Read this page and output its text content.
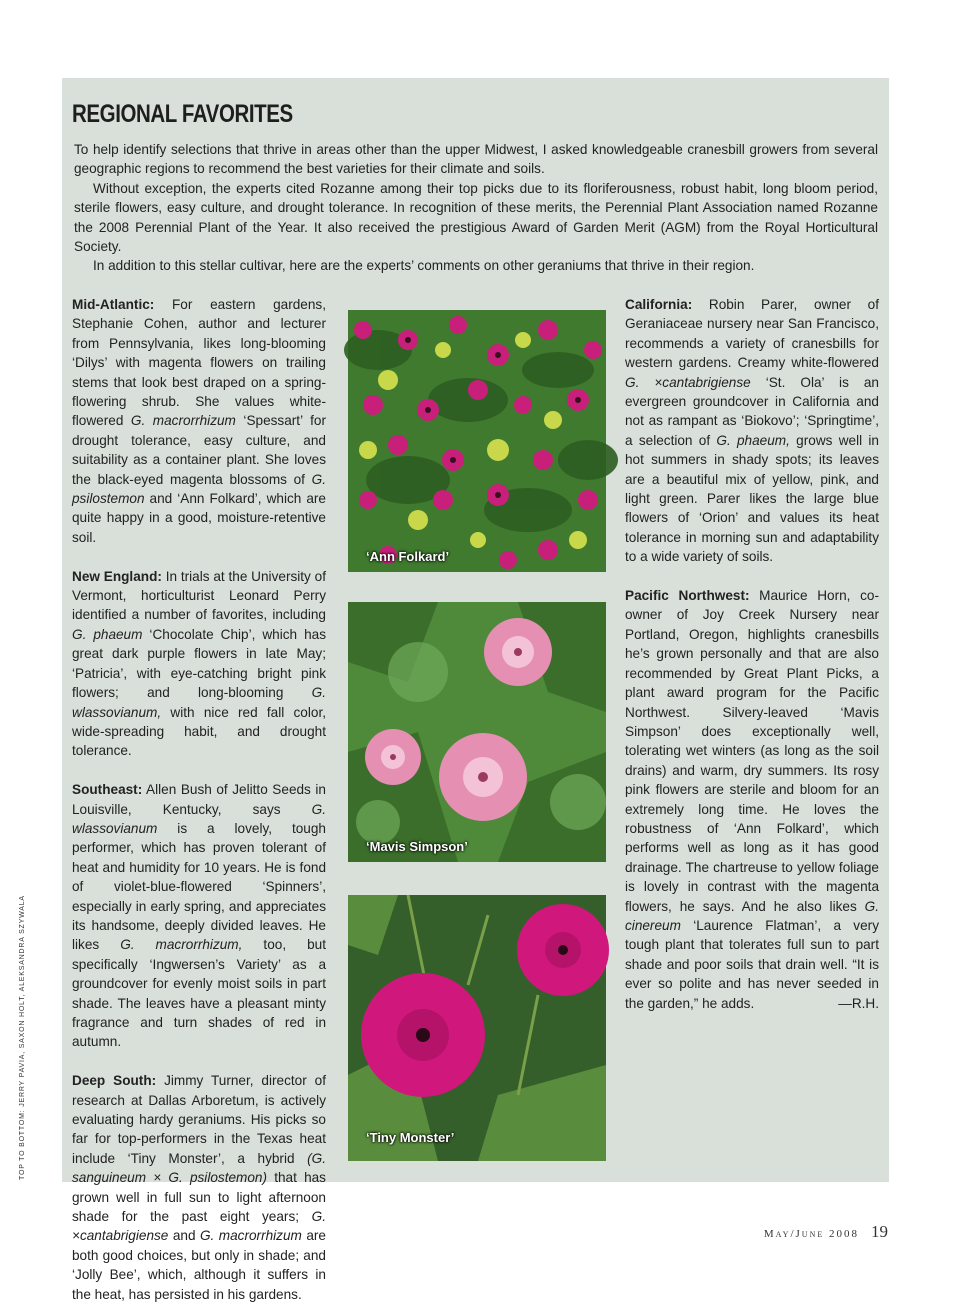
REGIONAL FAVORITES

To help identify selections that thrive in areas other than the upper Midwest, I asked knowledgeable cranesbill growers from several geographic regions to recommend the best varieties for their climate and soils.

Without exception, the experts cited Rozanne among their top picks due to its floriferousness, robust habit, long bloom period, sterile flowers, easy culture, and drought tolerance. In recognition of these merits, the Perennial Plant Association named Rozanne the 2008 Perennial Plant of the Year. It also received the prestigious Award of Garden Merit (AGM) from the Royal Horticultural Society.

In addition to this stellar cultivar, here are the experts’ comments on other geraniums that thrive in their region.

Mid-Atlantic: For eastern gardens, Stephanie Cohen, author and lecturer from Pennsylvania, likes long-blooming ‘Dilys’ with magenta flowers on trailing stems that look best draped on a spring-flowering shrub. She values white-flowered G. macrorrhizum ‘Spessart’ for drought tolerance, easy culture, and suitability as a container plant. She loves the black-eyed magenta blossoms of G. psilostemon and ‘Ann Folkard’, which are quite happy in a good, moisture-retentive soil.

New England: In trials at the University of Vermont, horticulturist Leonard Perry identified a number of favorites, including G. phaeum ‘Chocolate Chip’, which has great dark purple flowers in late May; ‘Patricia’, with eye-catching bright pink flowers; and long-blooming G. wlassovianum, with nice red fall color, wide-spreading habit, and drought tolerance.

Southeast: Allen Bush of Jelitto Seeds in Louisville, Kentucky, says G. wlassovianum is a lovely, tough performer, which has proven tolerant of heat and humidity for 10 years. He is fond of violet-blue-flowered ‘Spinners’, especially in early spring, and appreciates its handsome, deeply divided leaves. He likes G. macrorrhizum, too, but specifically ‘Ingwersen’s Variety’ as a groundcover for evenly moist soils in part shade. The leaves have a pleasant minty fragrance and turn shades of red in autumn.

Deep South: Jimmy Turner, director of research at Dallas Arboretum, is actively evaluating hardy geraniums. His picks so far for top-performers in the Texas heat include ‘Tiny Monster’, a hybrid (G. sanguineum × G. psilostemon) that has grown well in full sun to light afternoon shade for the past eight years; G. ×cantabrigiense and G. macrorrhizum are both good choices, but only in shade; and ‘Jolly Bee’, which, although it suffers in the heat, has persisted in his gardens.

‘Ann Folkard’
‘Mavis Simpson’
‘Tiny Monster’

California: Robin Parer, owner of Geraniaceae nursery near San Francisco, recommends a variety of cranesbills for western gardens. Creamy white-flowered G. ×cantabrigiense ‘St. Ola’ is an evergreen groundcover in California and not as rampant as ‘Biokovo’; ‘Springtime’, a selection of G. phaeum, grows well in hot summers in shady spots; its leaves are a beautiful mix of yellow, pink, and light green. Parer likes the large blue flowers of ‘Orion’ and values its heat tolerance in morning sun and adaptability to a wide variety of soils.

Pacific Northwest: Maurice Horn, co-owner of Joy Creek Nursery near Portland, Oregon, highlights cranesbills he’s grown personally and that are also recommended by Great Plant Picks, a plant award program for the Pacific Northwest. Silvery-leaved ‘Mavis Simpson’ does exceptionally well, tolerating wet winters (as long as the soil drains) and warm, dry summers. Its rosy pink flowers are sterile and bloom for an extremely long time. He loves the robustness of ‘Ann Folkard’, which performs well as long as it has good drainage. The chartreuse to yellow foliage is lovely in contrast with the magenta flowers, he says. And he also likes G. cinereum ‘Laurence Flatman’, a very tough plant that tolerates full sun to part shade and poor soils that drain well. “It is ever so polite and has never seeded in the garden,” he adds.	—R.H.

TOP TO BOTTOM: JERRY PAVIA, SAXON HOLT, ALEKSANDRA SZYWALA
May/June 2008 19
